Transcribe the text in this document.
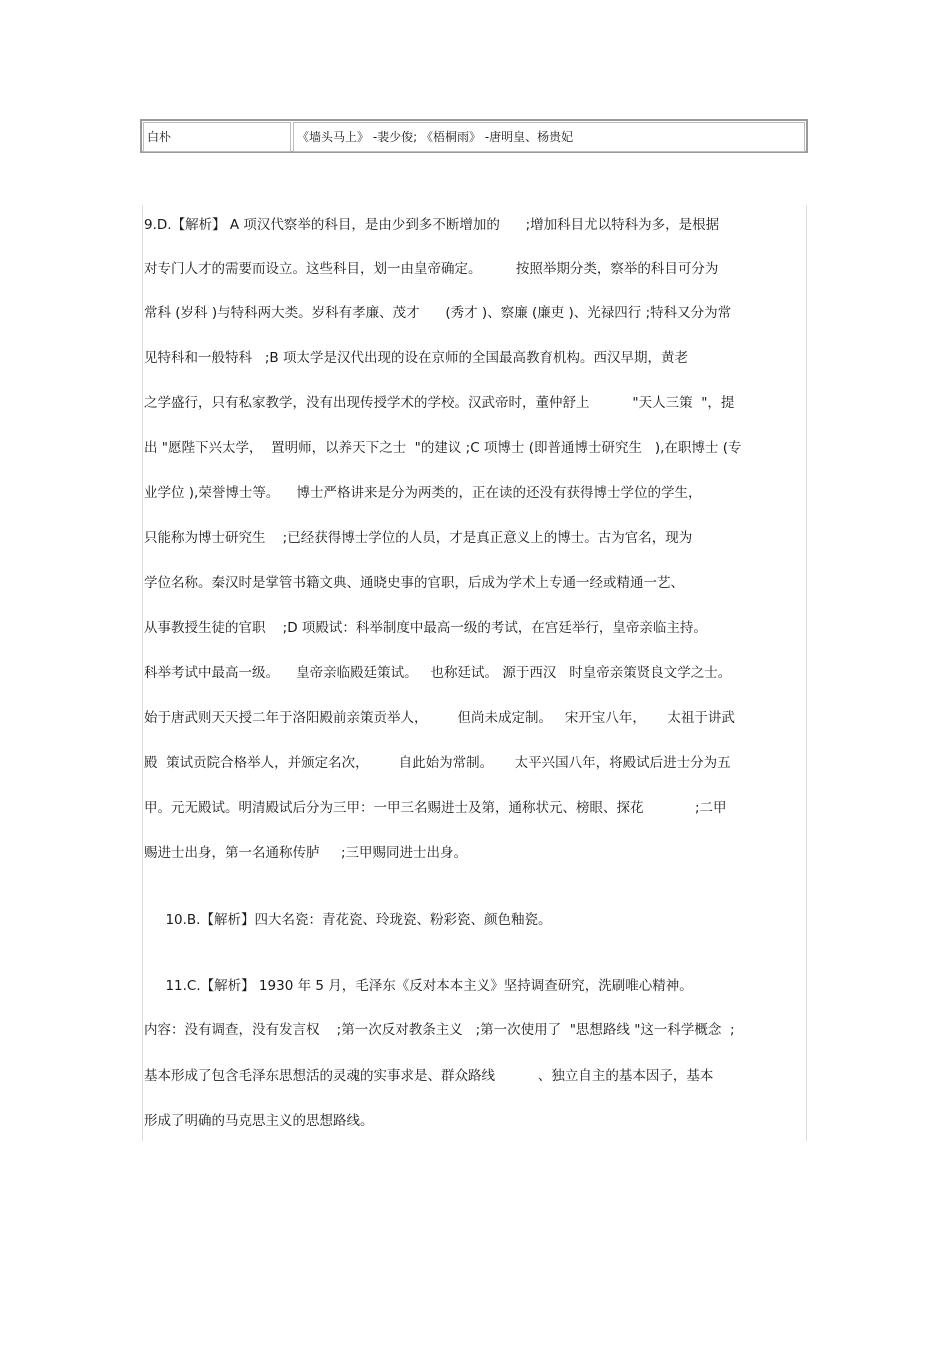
白朴	《墙头马上》 -裴少俊; 《梧桐雨》 -唐明皇、杨贵妃
9.D.【解析】 A 项汉代察举的科目，是由少到多不断增加的      ;增加科目尤以特科为多，是根据
对专门人才的需要而设立。这些科目，划一由皇帝确定。        按照举期分类，察举的科目可分为
常科 (岁科 )与特科两大类。岁科有孝廉、茂才      (秀才 )、察廉 (廉吏 )、光禄四行 ;特科又分为常
见特科和一般特科   ;B 项太学是汉代出现的设在京师的全国最高教育机构。西汉早期，黄老
之学盛行，只有私家教学，没有出现传授学术的学校。汉武帝时，董仲舒上          "天人三策  "，提
出 "愿陛下兴太学，  置明师，以养天下之士  "的建议 ;C 项博士 (即普通博士研究生   ),在职博士 (专
业学位 ),荣誉博士等。    博士严格讲来是分为两类的，正在读的还没有获得博士学位的学生，
只能称为博士研究生    ;已经获得博士学位的人员，才是真正意义上的博士。古为官名，现为
学位名称。秦汉时是掌管书籍文典、通晓史事的官职，后成为学术上专通一经或精通一艺、
从事教授生徒的官职    ;D 项殿试：科举制度中最高一级的考试，在宫廷举行，皇帝亲临主持。
科举考试中最高一级。    皇帝亲临殿廷策试。   也称廷试。 源于西汉   时皇帝亲策贤良文学之士。
始于唐武则天天授二年于洛阳殿前亲策贡举人，       但尚未成定制。   宋开宝八年，     太祖于讲武
殿  策试贡院合格举人，并颁定名次，       自此始为常制。     太平兴国八年，将殿试后进士分为五
甲。元无殿试。明清殿试后分为三甲：一甲三名赐进士及第，通称状元、榜眼、探花            ;二甲
赐进士出身，第一名通称传胪     ;三甲赐同进士出身。
10.B.【解析】四大名瓷：青花瓷、玲珑瓷、粉彩瓷、颜色釉瓷。
11.C.【解析】 1930 年 5 月，毛泽东《反对本本主义》坚持调查研究，洗刷唯心精神。
内容：没有调查，没有发言权    ;第一次反对教条主义   ;第一次使用了  "思想路线 "这一科学概念  ;
基本形成了包含毛泽东思想活的灵魂的实事求是、群众路线          、独立自主的基本因子，基本
形成了明确的马克思主义的思想路线。
